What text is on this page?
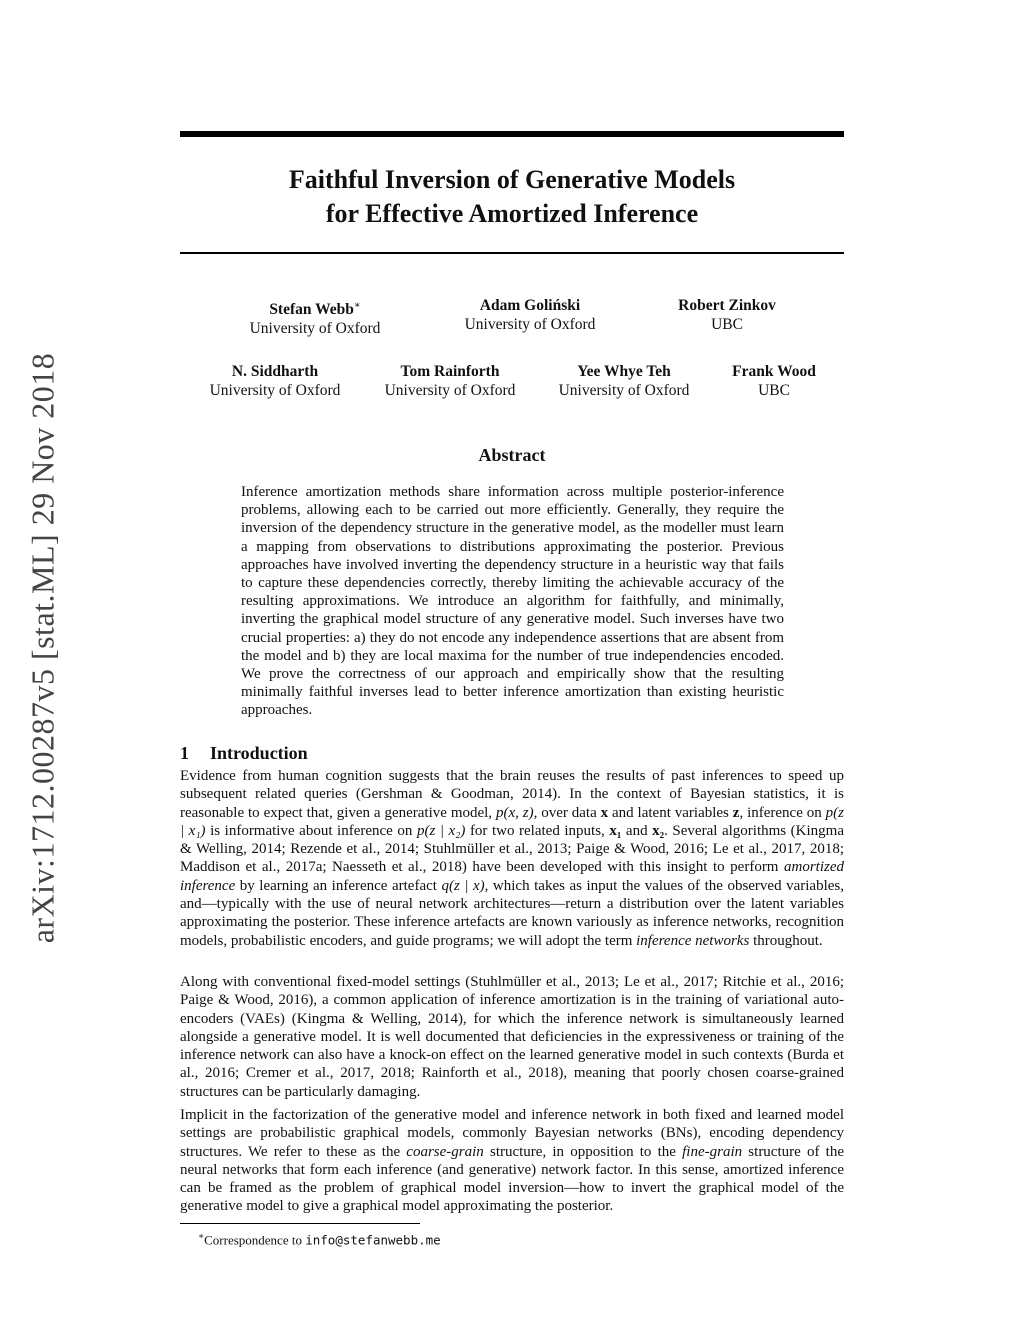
arXiv:1712.00287v5 [stat.ML] 29 Nov 2018
Faithful Inversion of Generative Models
for Effective Amortized Inference
Stefan Webb∗
University of Oxford
Adam Goliński
University of Oxford
Robert Zinkov
UBC
N. Siddharth
University of Oxford
Tom Rainforth
University of Oxford
Yee Whye Teh
University of Oxford
Frank Wood
UBC
Abstract
Inference amortization methods share information across multiple posterior-inference problems, allowing each to be carried out more efficiently. Generally, they require the inversion of the dependency structure in the generative model, as the modeller must learn a mapping from observations to distributions approximating the posterior. Previous approaches have involved inverting the dependency structure in a heuristic way that fails to capture these dependencies correctly, thereby limiting the achievable accuracy of the resulting approximations. We introduce an algorithm for faithfully, and minimally, inverting the graphical model structure of any generative model. Such inverses have two crucial properties: a) they do not encode any independence assertions that are absent from the model and b) they are local maxima for the number of true independencies encoded. We prove the correctness of our approach and empirically show that the resulting minimally faithful inverses lead to better inference amortization than existing heuristic approaches.
1 Introduction
Evidence from human cognition suggests that the brain reuses the results of past inferences to speed up subsequent related queries (Gershman & Goodman, 2014). In the context of Bayesian statistics, it is reasonable to expect that, given a generative model, p(x, z), over data x and latent variables z, inference on p(z | x₁) is informative about inference on p(z | x₂) for two related inputs, x₁ and x₂. Several algorithms (Kingma & Welling, 2014; Rezende et al., 2014; Stuhlmüller et al., 2013; Paige & Wood, 2016; Le et al., 2017, 2018; Maddison et al., 2017a; Naesseth et al., 2018) have been developed with this insight to perform amortized inference by learning an inference artefact q(z | x), which takes as input the values of the observed variables, and—typically with the use of neural network architectures—return a distribution over the latent variables approximating the posterior. These inference artefacts are known variously as inference networks, recognition models, probabilistic encoders, and guide programs; we will adopt the term inference networks throughout.
Along with conventional fixed-model settings (Stuhlmüller et al., 2013; Le et al., 2017; Ritchie et al., 2016; Paige & Wood, 2016), a common application of inference amortization is in the training of variational auto-encoders (VAEs) (Kingma & Welling, 2014), for which the inference network is simultaneously learned alongside a generative model. It is well documented that deficiencies in the expressiveness or training of the inference network can also have a knock-on effect on the learned generative model in such contexts (Burda et al., 2016; Cremer et al., 2017, 2018; Rainforth et al., 2018), meaning that poorly chosen coarse-grained structures can be particularly damaging.
Implicit in the factorization of the generative model and inference network in both fixed and learned model settings are probabilistic graphical models, commonly Bayesian networks (BNs), encoding dependency structures. We refer to these as the coarse-grain structure, in opposition to the fine-grain structure of the neural networks that form each inference (and generative) network factor. In this sense, amortized inference can be framed as the problem of graphical model inversion—how to invert the graphical model of the generative model to give a graphical model approximating the posterior.
∗Correspondence to info@stefanwebb.me
